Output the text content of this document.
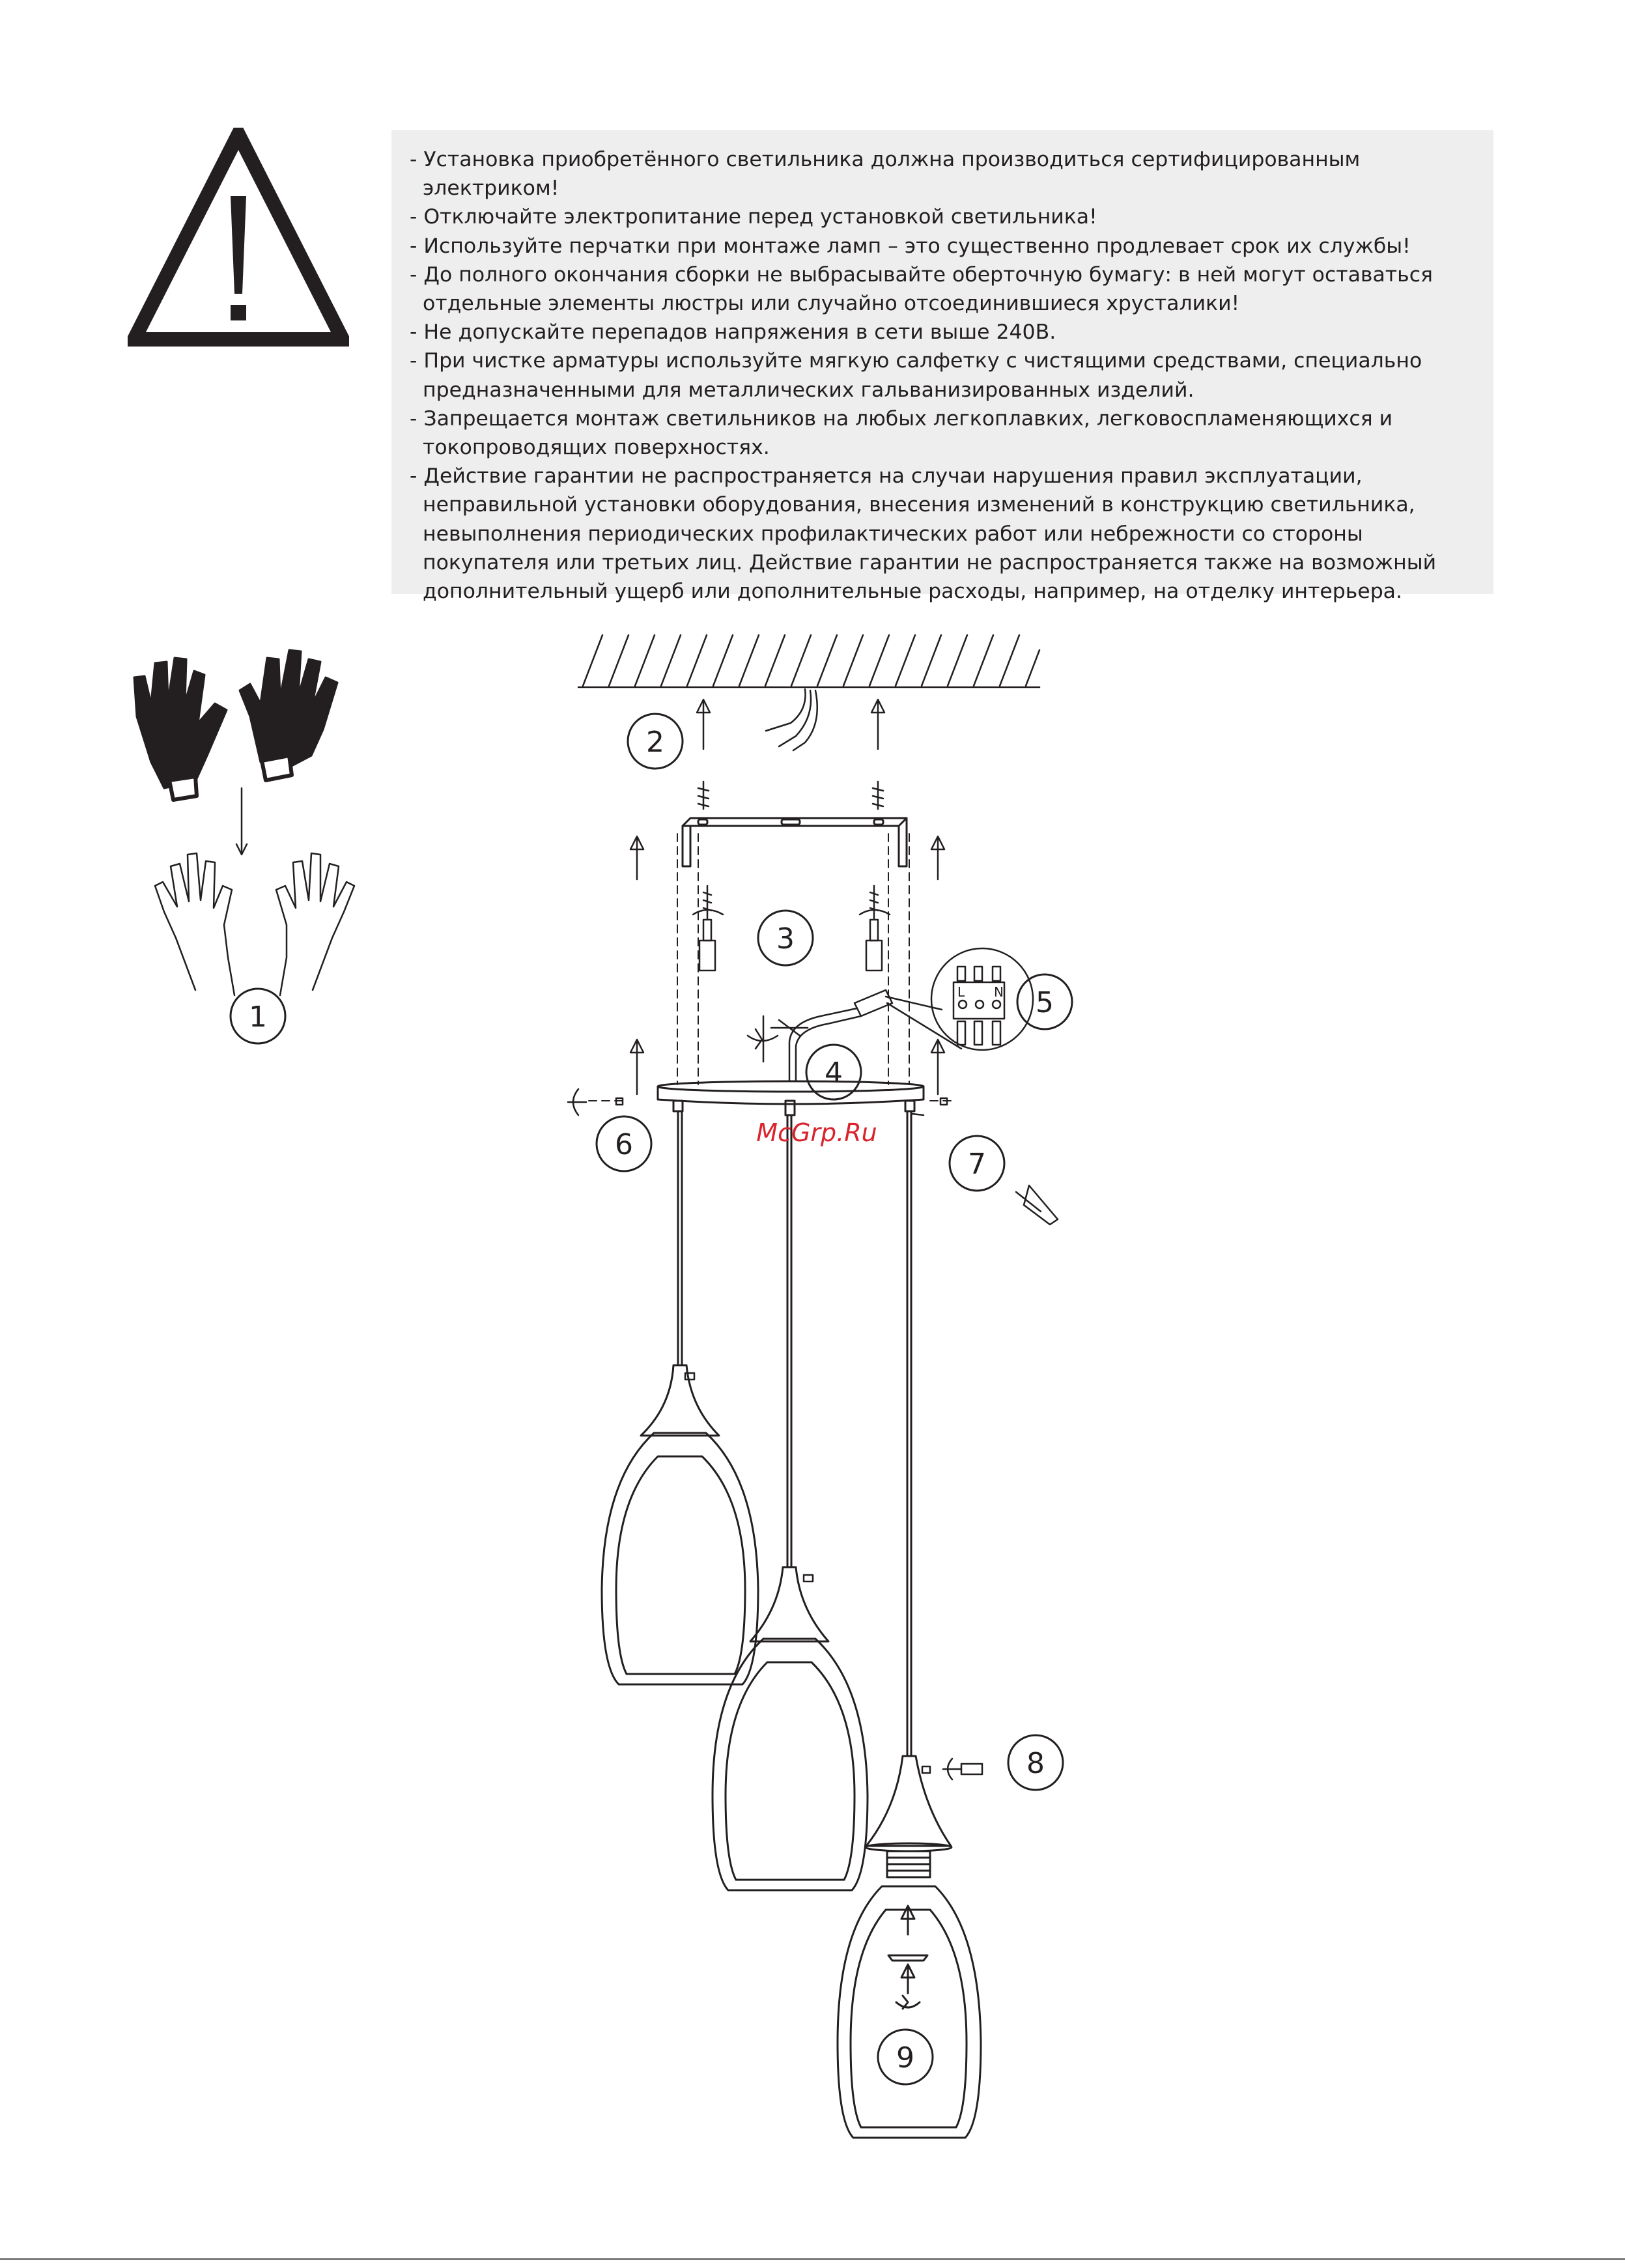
- Установка приобретённого светильника должна производиться сертифицированным электриком!
- Отключайте электропитание перед установкой светильника!
- Используйте перчатки при монтаже ламп – это существенно продлевает срок их службы!
- До полного окончания сборки не выбрасывайте оберточную бумагу: в ней могут оставаться отдельные элементы люстры или случайно отсоединившиеся хрусталики!
- Не допускайте перепадов напряжения в сети выше 240В.
- При чистке арматуры используйте мягкую салфетку с чистящими средствами, специально предназначенными для металлических гальванизированных изделий.
- Запрещается монтаж светильников на любых легкоплавких, легковоспламеняющихся и токопроводящих поверхностях.
- Действие гарантии не распространяется на случаи нарушения правил эксплуатации, неправильной установки оборудования, внесения изменений в конструкцию светильника, невыполнения периодических профилактических работ или небрежности со стороны покупателя или третьих лиц. Действие гарантии не распространяется также на возможный дополнительный ущерб или дополнительные расходы, например, на отделку интерьера.
L N
1
2
3
4
5
6
7
8
9
McGrp.Ru
